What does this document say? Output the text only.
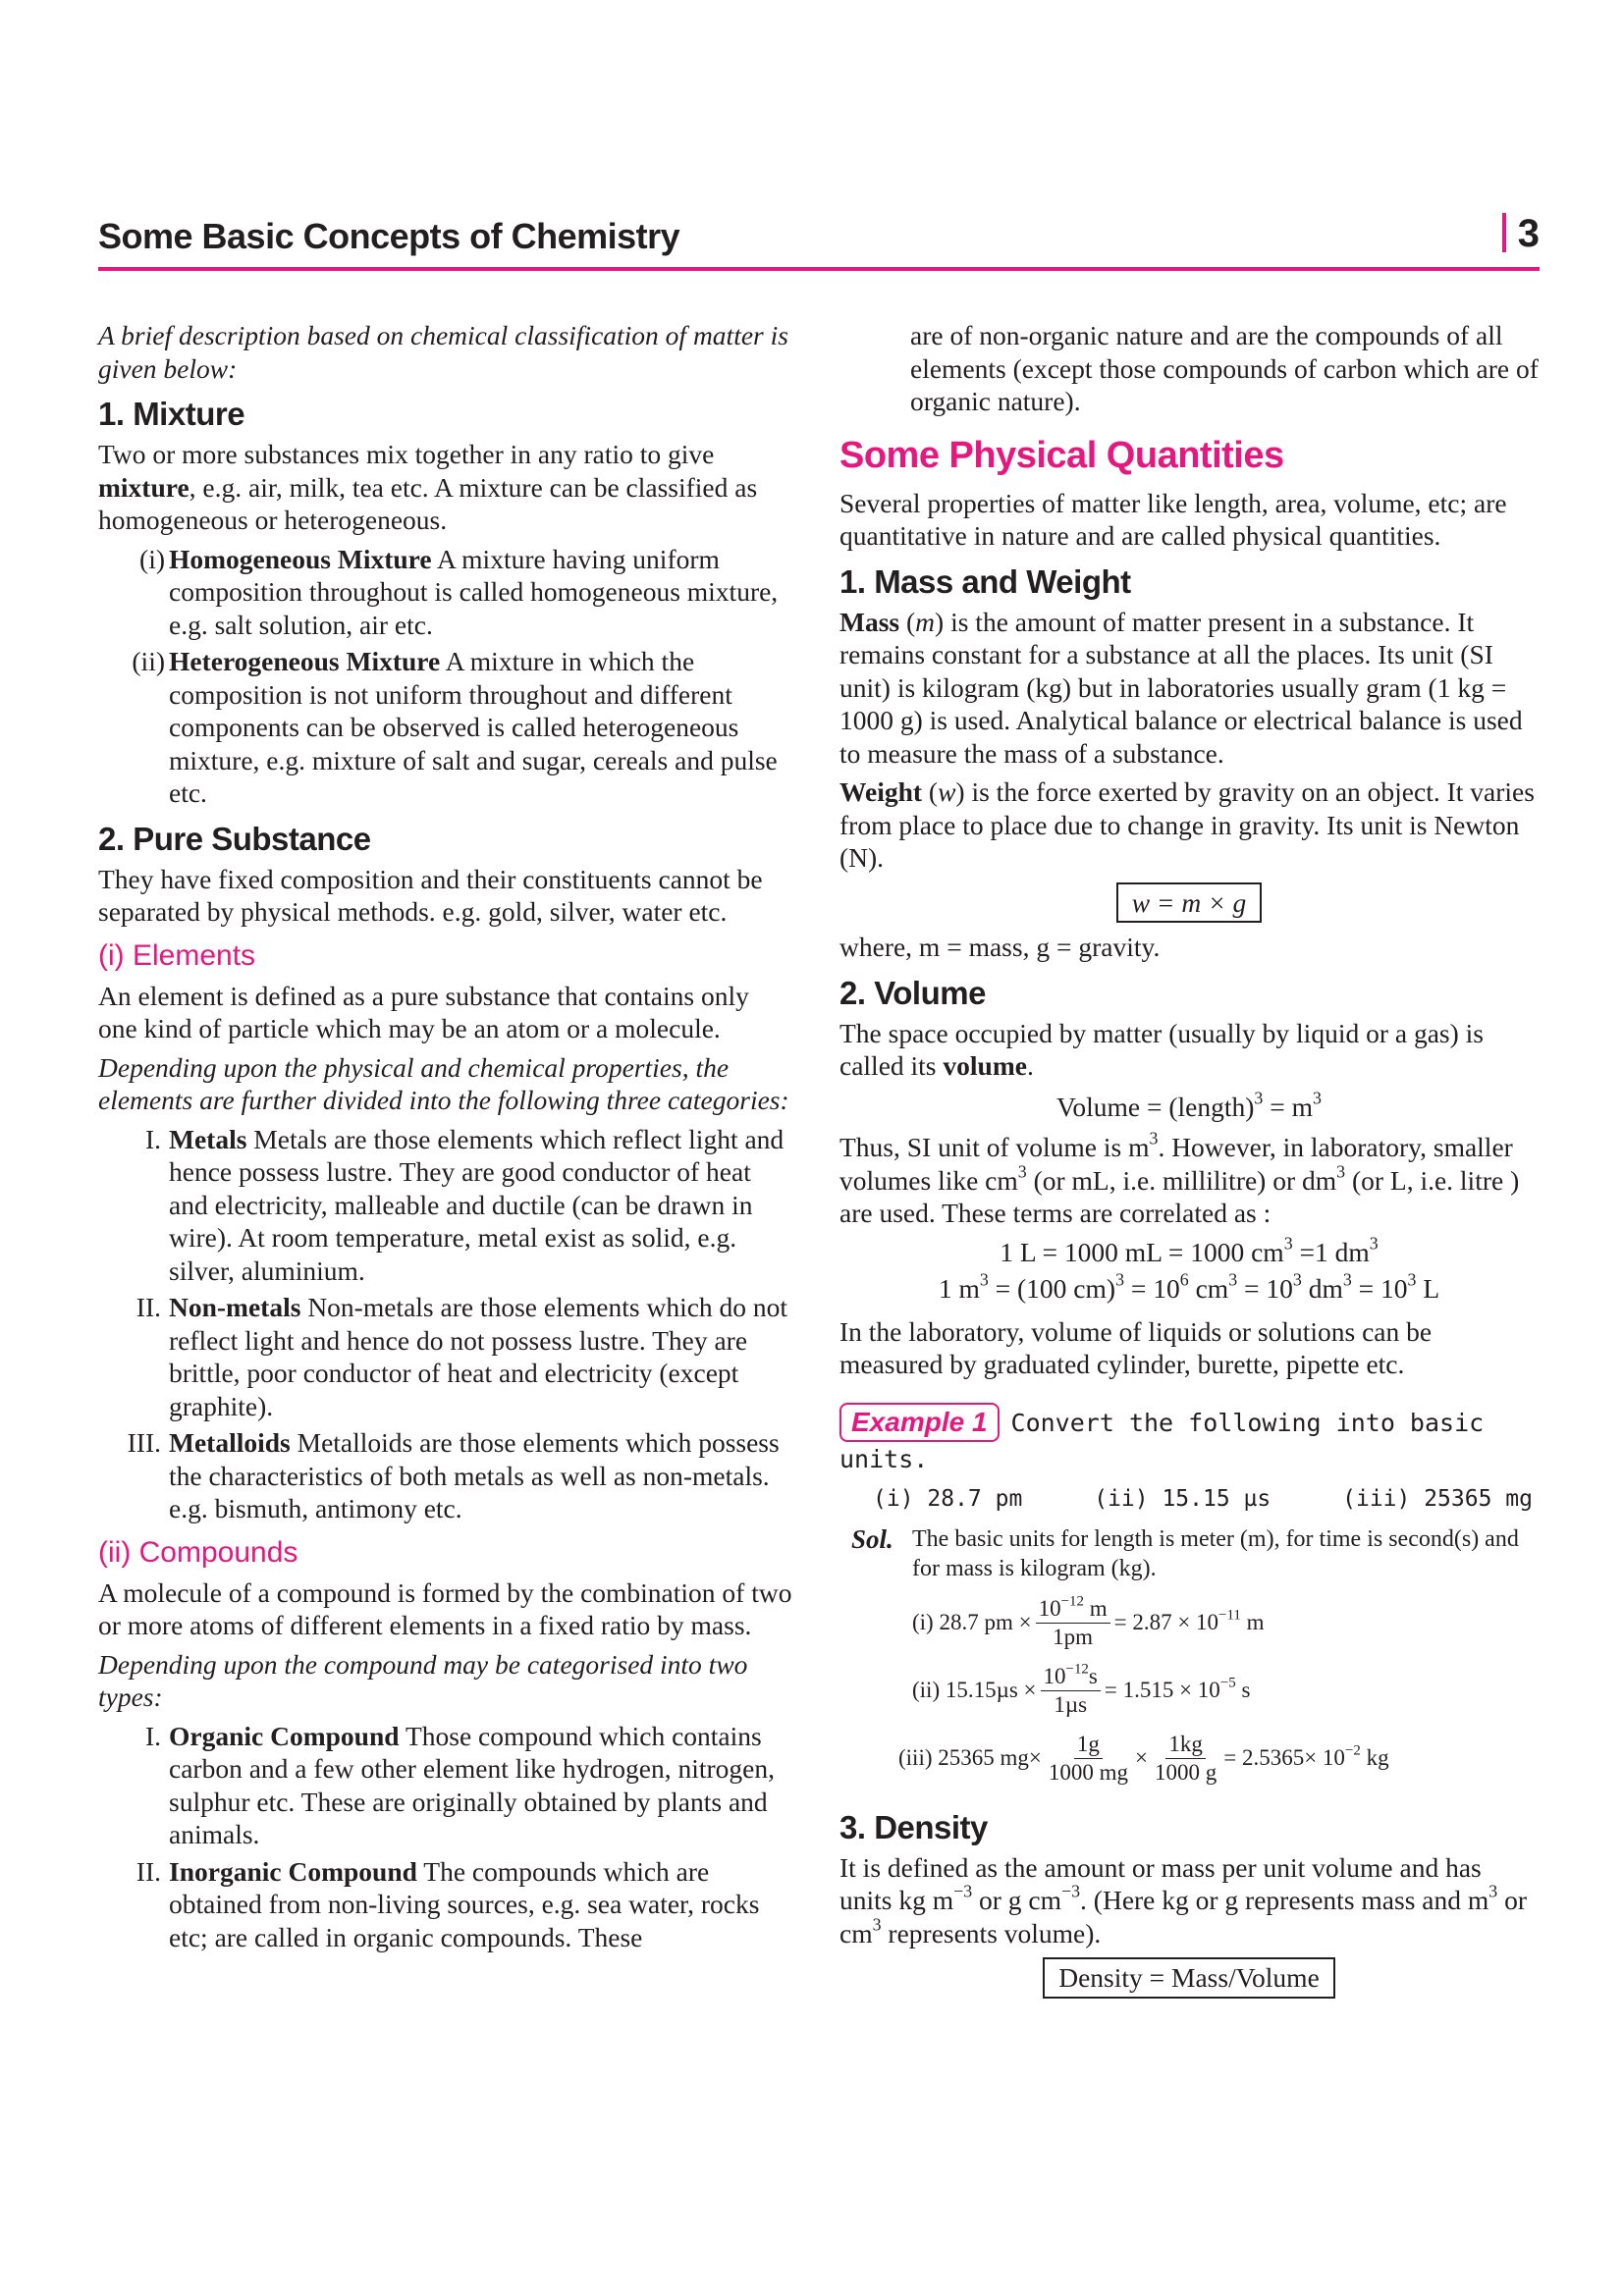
Some Basic Concepts of Chemistry	3

A brief description based on chemical classification of matter is given below:

1. Mixture

Two or more substances mix together in any ratio to give mixture, e.g. air, milk, tea etc. A mixture can be classified as homogeneous or heterogeneous.

(i) Homogeneous Mixture A mixture having uniform composition throughout is called homogeneous mixture, e.g. salt solution, air etc.
(ii) Heterogeneous Mixture A mixture in which the composition is not uniform throughout and different components can be observed is called heterogeneous mixture, e.g. mixture of salt and sugar, cereals and pulse etc.
2. Pure Substance

They have fixed composition and their constituents cannot be separated by physical methods. e.g. gold, silver, water etc.

(i) Elements

An element is defined as a pure substance that contains only one kind of particle which may be an atom or a molecule.

Depending upon the physical and chemical properties, the elements are further divided into the following three categories:

I. Metals Metals are those elements which reflect light and hence possess lustre. They are good conductor of heat and electricity, malleable and ductile (can be drawn in wire). At room temperature, metal exist as solid, e.g. silver, aluminium.
II. Non-metals Non-metals are those elements which do not reflect light and hence do not possess lustre. They are brittle, poor conductor of heat and electricity (except graphite).
III. Metalloids Metalloids are those elements which possess the characteristics of both metals as well as non-metals. e.g. bismuth, antimony etc.
(ii) Compounds

A molecule of a compound is formed by the combination of two or more atoms of different elements in a fixed ratio by mass.

Depending upon the compound may be categorised into two types:

I. Organic Compound Those compound which contains carbon and a few other element like hydrogen, nitrogen, sulphur etc. These are originally obtained by plants and animals.
II. Inorganic Compound The compounds which are obtained from non-living sources, e.g. sea water, rocks etc; are called in organic compounds. These

are of non-organic nature and are the compounds of all elements (except those compounds of carbon which are of organic nature).

Some Physical Quantities

Several properties of matter like length, area, volume, etc; are quantitative in nature and are called physical quantities.

1. Mass and Weight

Mass (m) is the amount of matter present in a substance. It remains constant for a substance at all the places. Its unit (SI unit) is kilogram (kg) but in laboratories usually gram (1 kg = 1000 g) is used. Analytical balance or electrical balance is used to measure the mass of a substance.

Weight (w) is the force exerted by gravity on an object. It varies from place to place due to change in gravity. Its unit is Newton (N).

w = m × g

where, m = mass, g = gravity.

2. Volume

The space occupied by matter (usually by liquid or a gas) is called its volume.

Volume = (length)$^3$ = $m^3$

Thus, SI unit of volume is $m^3$. However, in laboratory, smaller volumes like $cm^3$ (or mL, i.e. millilitre) or $dm^3$ (or L, i.e. litre ) are used. These terms are correlated as :

1 L = 1000 mL = 1000 $cm^3 =1$ $dm^3$
1 $m^3 = (100$ $cm)^3 = 10^6$ $cm^3 = 10^3$ $dm^3 = 10^3$ L

In the laboratory, volume of liquids or solutions can be measured by graduated cylinder, burette, pipette etc.

Example 1 Convert the following into basic units.
(i) 28.7 pm	(ii) 15.15 µs	(iii) 25365 mg
Sol. The basic units for length is meter (m), for time is second(s) and for mass is kilogram (kg).
(i) 28.7 pm × $\frac{10^{-12} m}{1pm} = 2.87 \times 10^{-11}$ m
(ii) $15.15\mu s \times \frac{10^{-12}s}{\text{1µs}} = 1.515 \times 10^{-5}$ s
(iii) 25365 $mg\times \frac{1g}{1000 mg} \times \frac{1kg}{1000 g} = 2.5365\times 10^{-2}$ kg
3. Density

It is defined as the amount or mass per unit volume and has units kg $m^{-3}$ or g $cm^{-3}$. (Here kg or g represents mass and $m^3$ or $cm^3$ represents volume).

Density = Mass/Volume
